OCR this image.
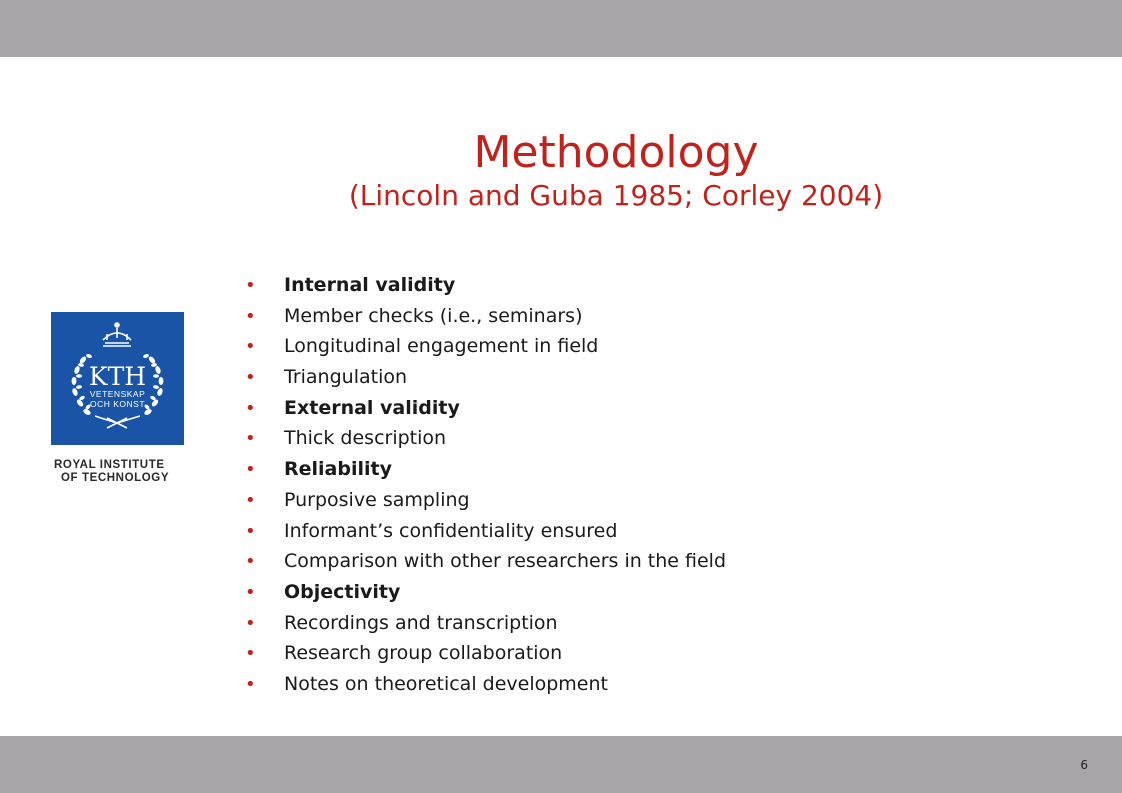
Methodology
(Lincoln and Guba 1985; Corley 2004)
KTH
VETENSKAP
OCH KONST
ROYAL INSTITUTE
OF TECHNOLOGY
• Internal validity
• Member checks (i.e., seminars)
• Longitudinal engagement in field
• Triangulation
• External validity
• Thick description
• Reliability
• Purposive sampling
• Informant’s confidentiality ensured
• Comparison with other researchers in the field
• Objectivity
• Recordings and transcription
• Research group collaboration
• Notes on theoretical development
6
